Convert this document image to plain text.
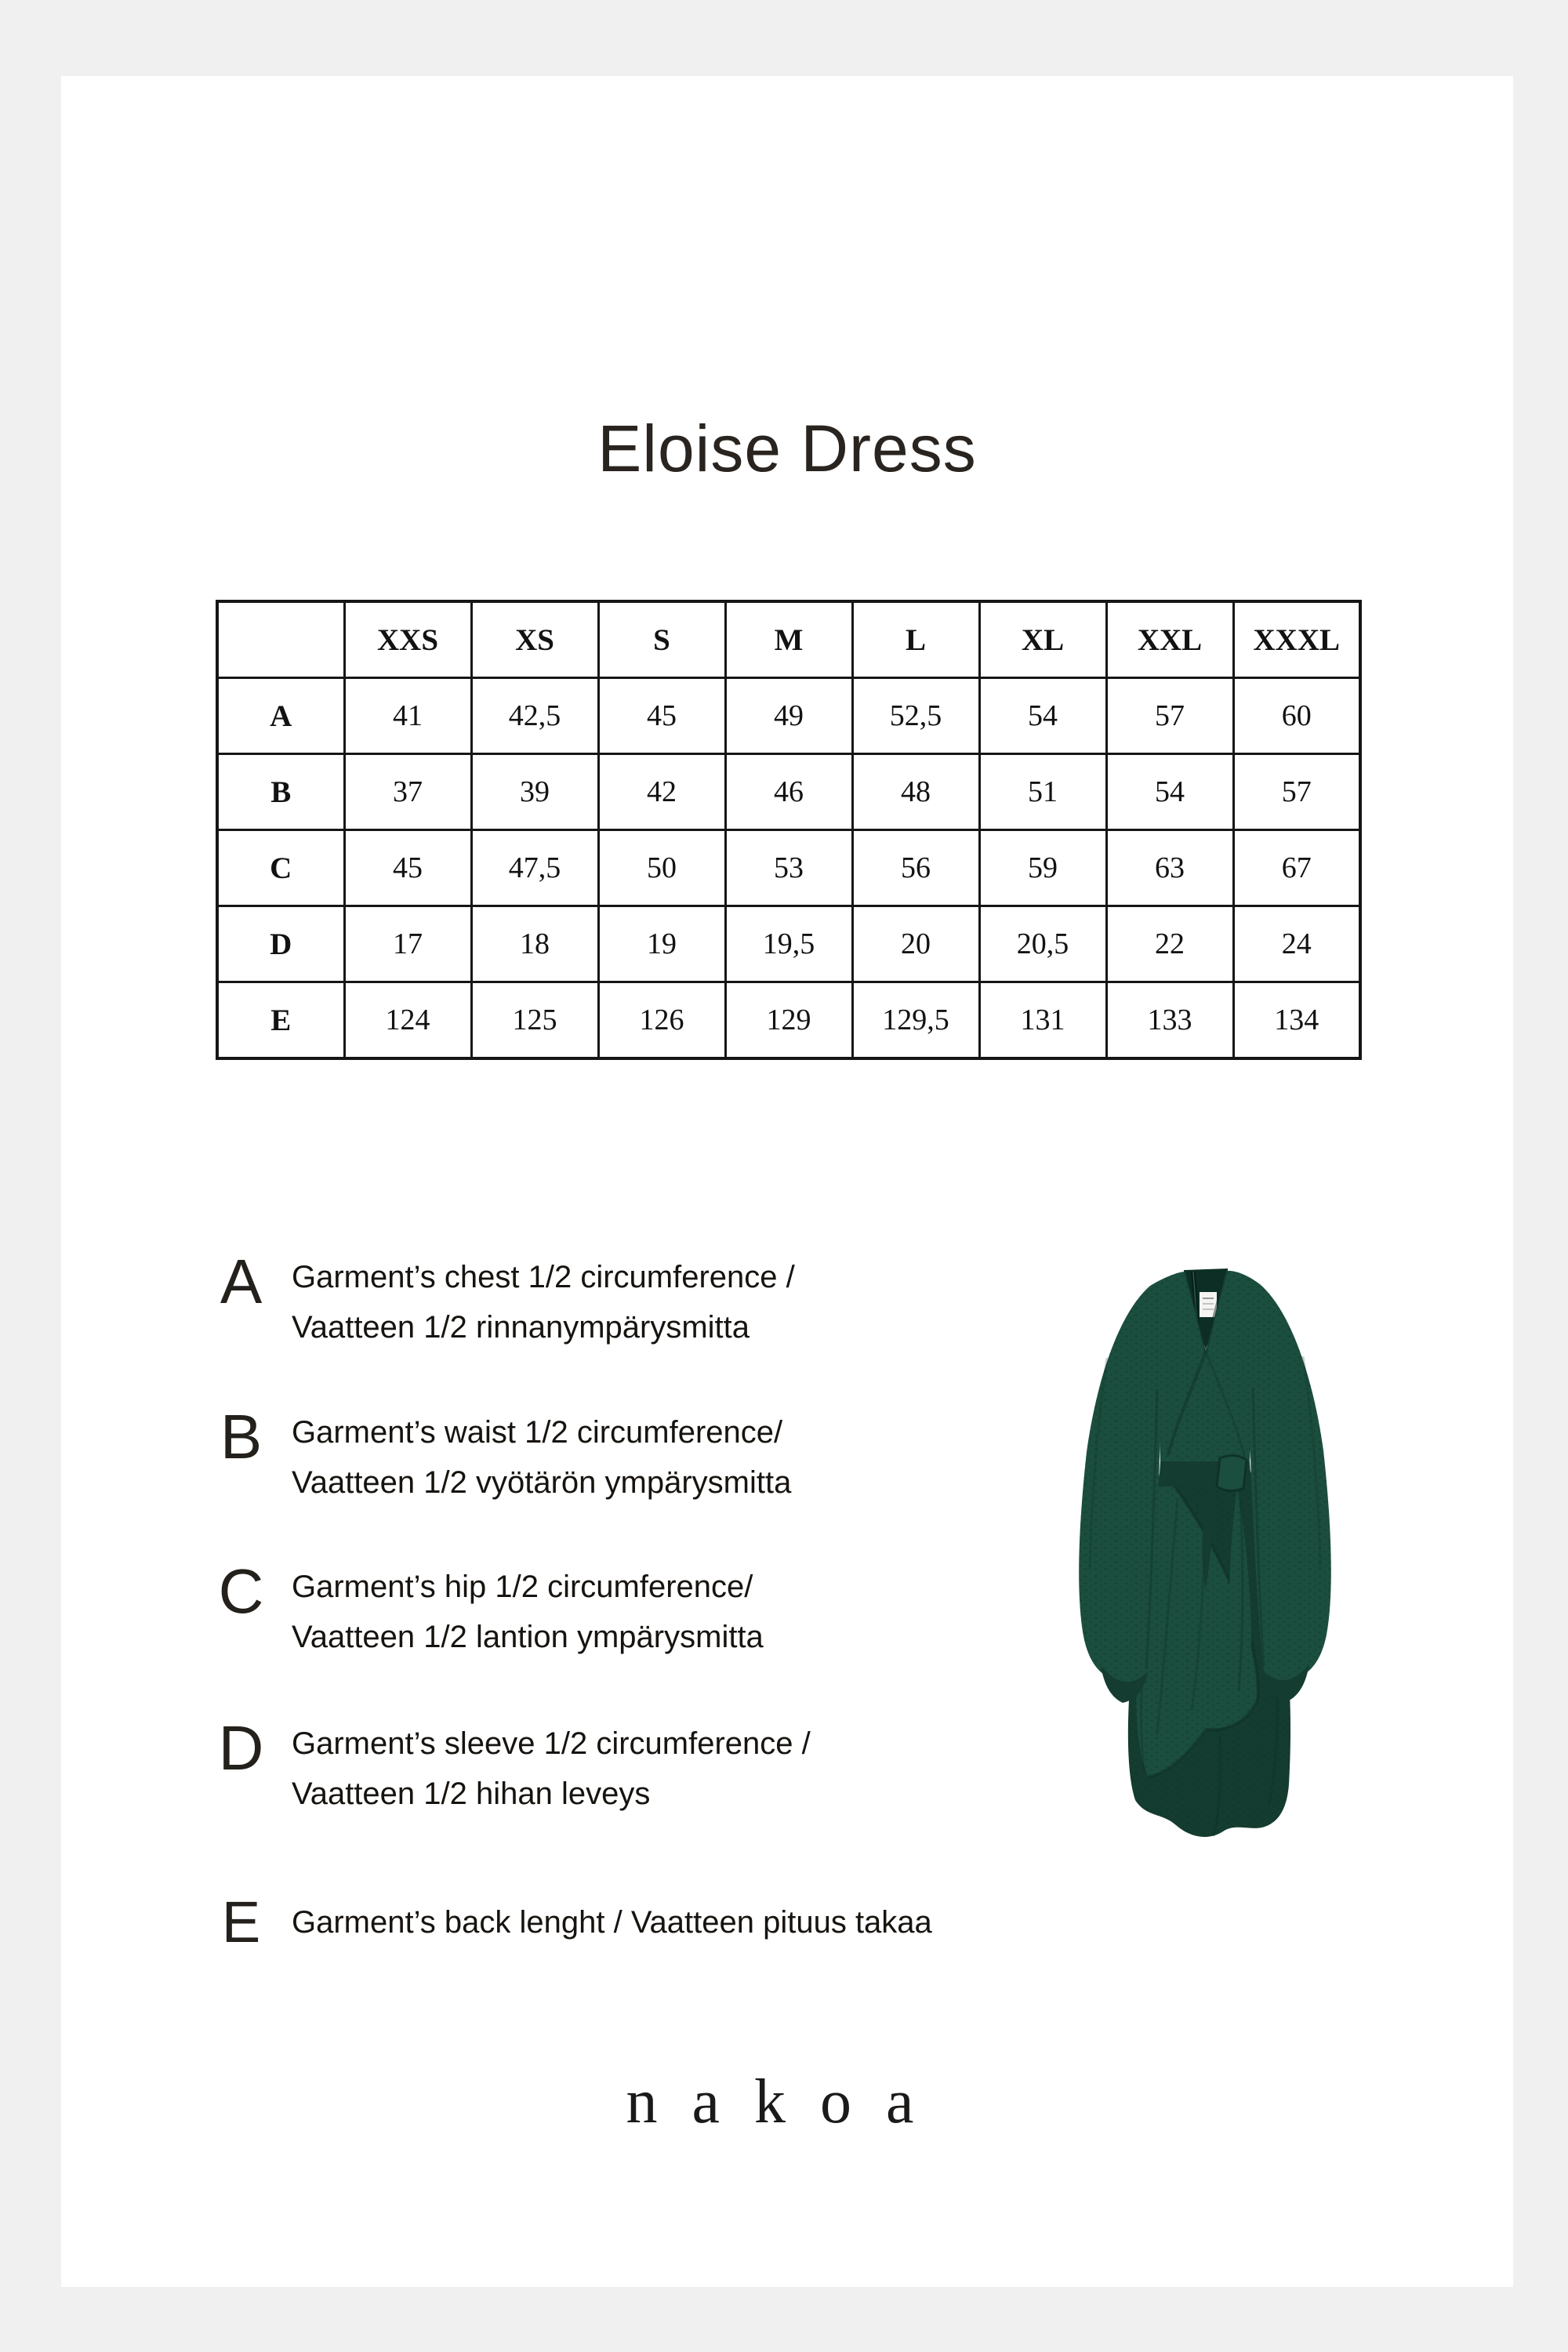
Eloise Dress
	XXS	XS	S	M	L	XL	XXL	XXXL
A	41	42,5	45	49	52,5	54	57	60
B	37	39	42	46	48	51	54	57
C	45	47,5	50	53	56	59	63	67
D	17	18	19	19,5	20	20,5	22	24
E	124	125	126	129	129,5	131	133	134
A Garment’s chest 1/2 circumference /
Vaatteen 1/2 rinnanympärysmitta
B Garment’s waist 1/2 circumference/
Vaatteen 1/2 vyötärön ympärysmitta
C Garment’s hip 1/2 circumference/
Vaatteen 1/2 lantion ympärysmitta
D Garment’s sleeve 1/2 circumference /
Vaatteen 1/2 hihan leveys
E Garment’s back lenght / Vaatteen pituus takaa
nakoa
